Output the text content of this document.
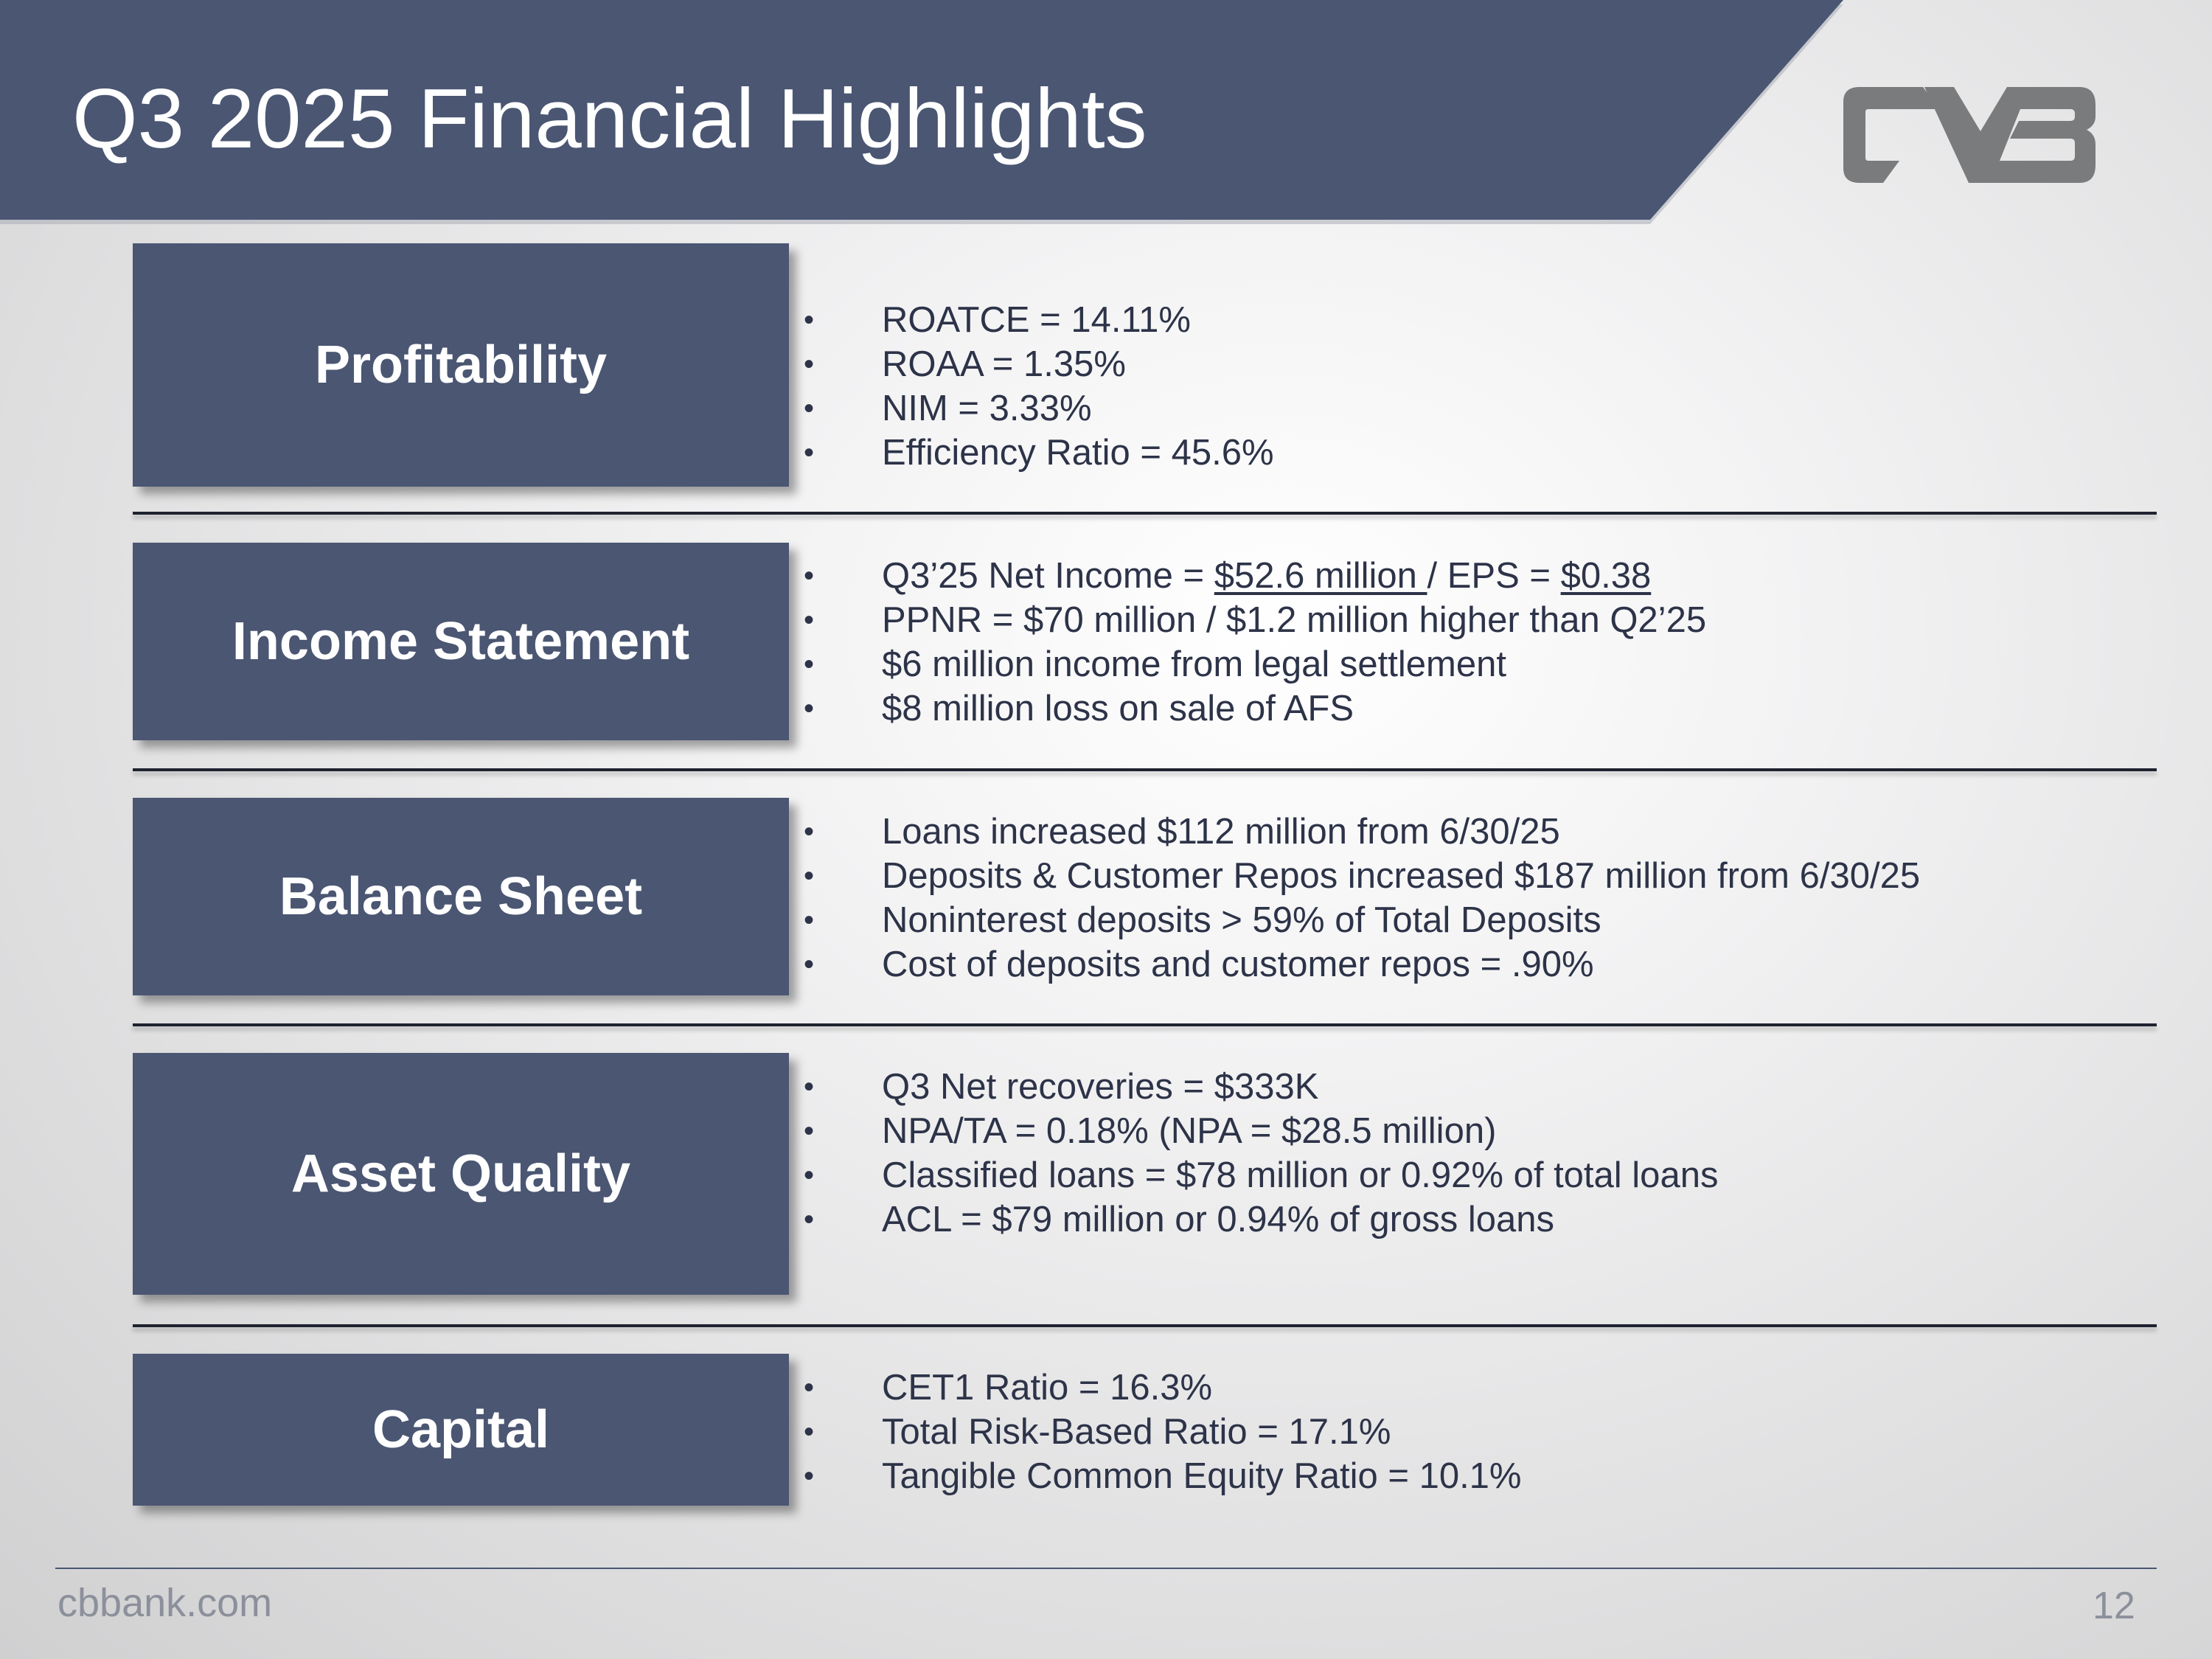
Q3 2025 Financial Highlights
Profitability
•	ROATCE = 14.11%
•	ROAA = 1.35%
•	NIM = 3.33%
•	Efficiency Ratio = 45.6%
Income Statement
•	Q3’25 Net Income = $52.6 million / EPS = $0.38
•	PPNR = $70 million / $1.2 million higher than Q2’25
•	$6 million income from legal settlement
•	$8 million loss on sale of AFS
Balance Sheet
•	Loans increased $112 million from 6/30/25
•	Deposits & Customer Repos increased $187 million from 6/30/25
•	Noninterest deposits > 59% of Total Deposits
•	Cost of deposits and customer repos = .90%
Asset Quality
•	Q3 Net recoveries = $333K
•	NPA/TA = 0.18% (NPA = $28.5 million)
•	Classified loans = $78 million or 0.92% of total loans
•	ACL = $79 million or 0.94% of gross loans
Capital
•	CET1 Ratio = 16.3%
•	Total Risk-Based Ratio = 17.1%
•	Tangible Common Equity Ratio = 10.1%
cbbank.com	12
